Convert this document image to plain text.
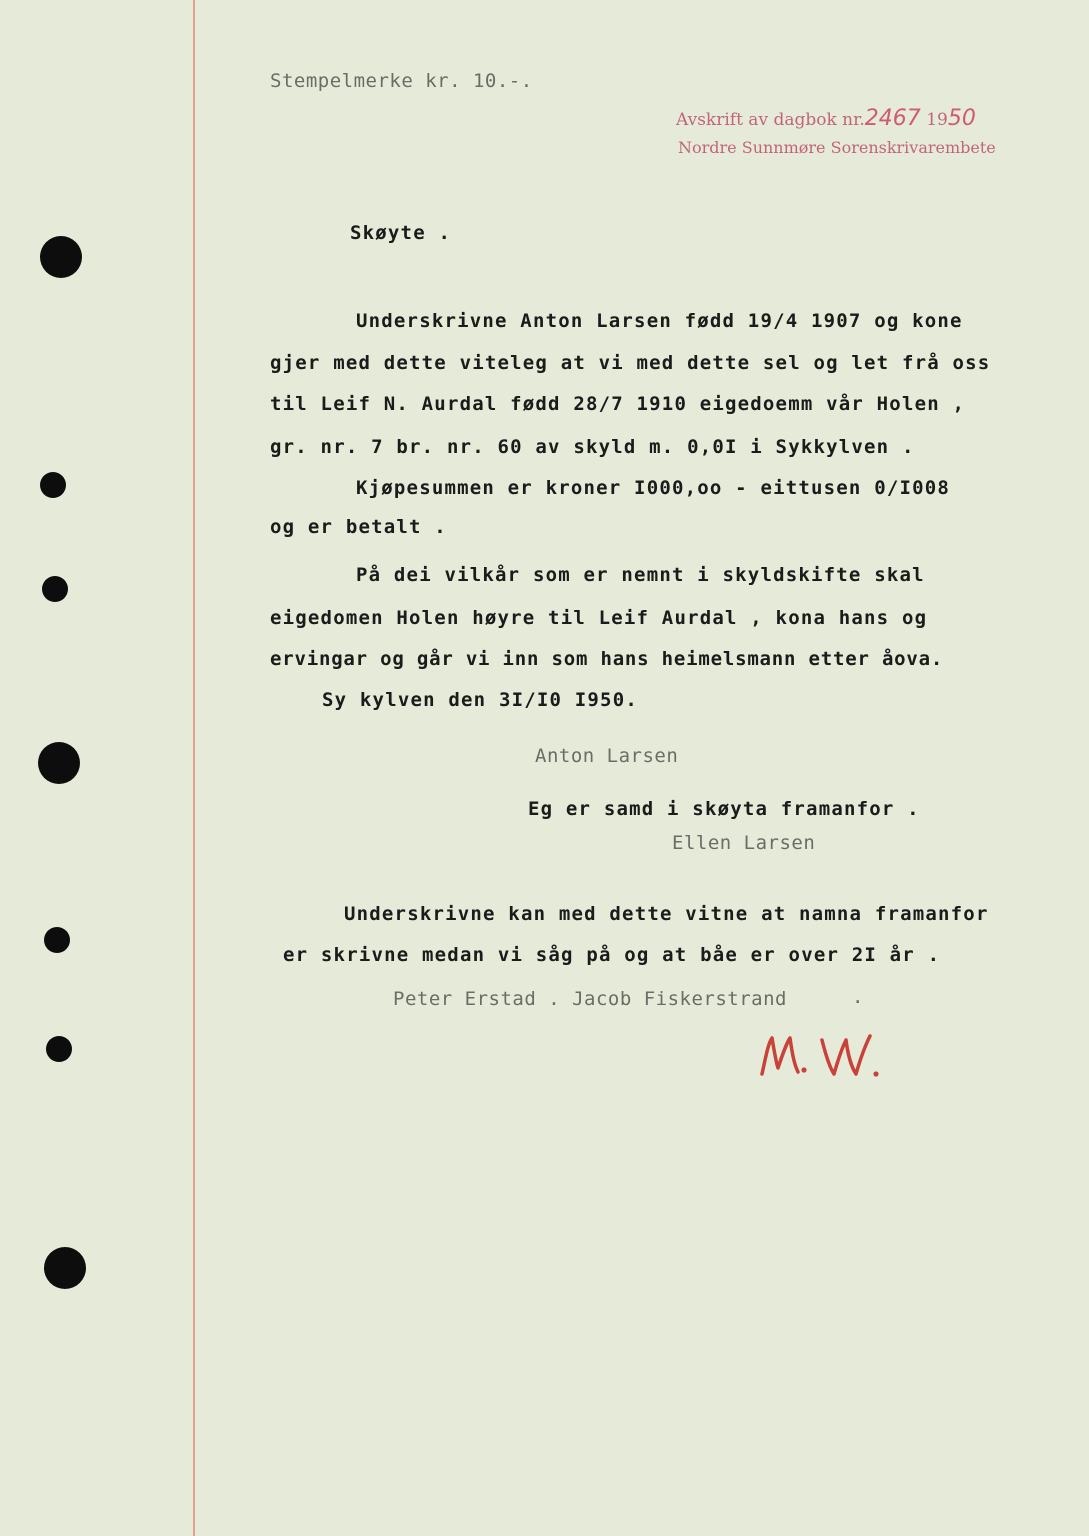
Stempelmerke kr. 10.-.
Avskrift av dagbok nr.2467 1950
Nordre Sunnmøre Sorenskrivarembete
Skøyte .
Underskrivne Anton Larsen fødd 19/4 1907 og kone
gjer med dette viteleg at vi med dette sel og let frå oss
til Leif N. Aurdal fødd 28/7 1910 eigedoemm vår Holen ,
gr. nr. 7 br. nr. 60 av skyld m. 0,0I i Sykkylven .
Kjøpesummen er kroner I000,oo - eittusen 0/I008
og er betalt .
På dei vilkår som er nemnt i skyldskifte skal
eigedomen Holen høyre til Leif Aurdal , kona hans og
ervingar og går vi inn som hans heimelsmann etter åova.
Sy kylven den 3I/I0 I950.
Anton Larsen
Eg er samd i skøyta framanfor .
Ellen Larsen
Underskrivne kan med dette vitne at namna framanfor
er skrivne medan vi såg på og at båe er over 2I år .
Peter Erstad . Jacob Fiskerstrand	.
